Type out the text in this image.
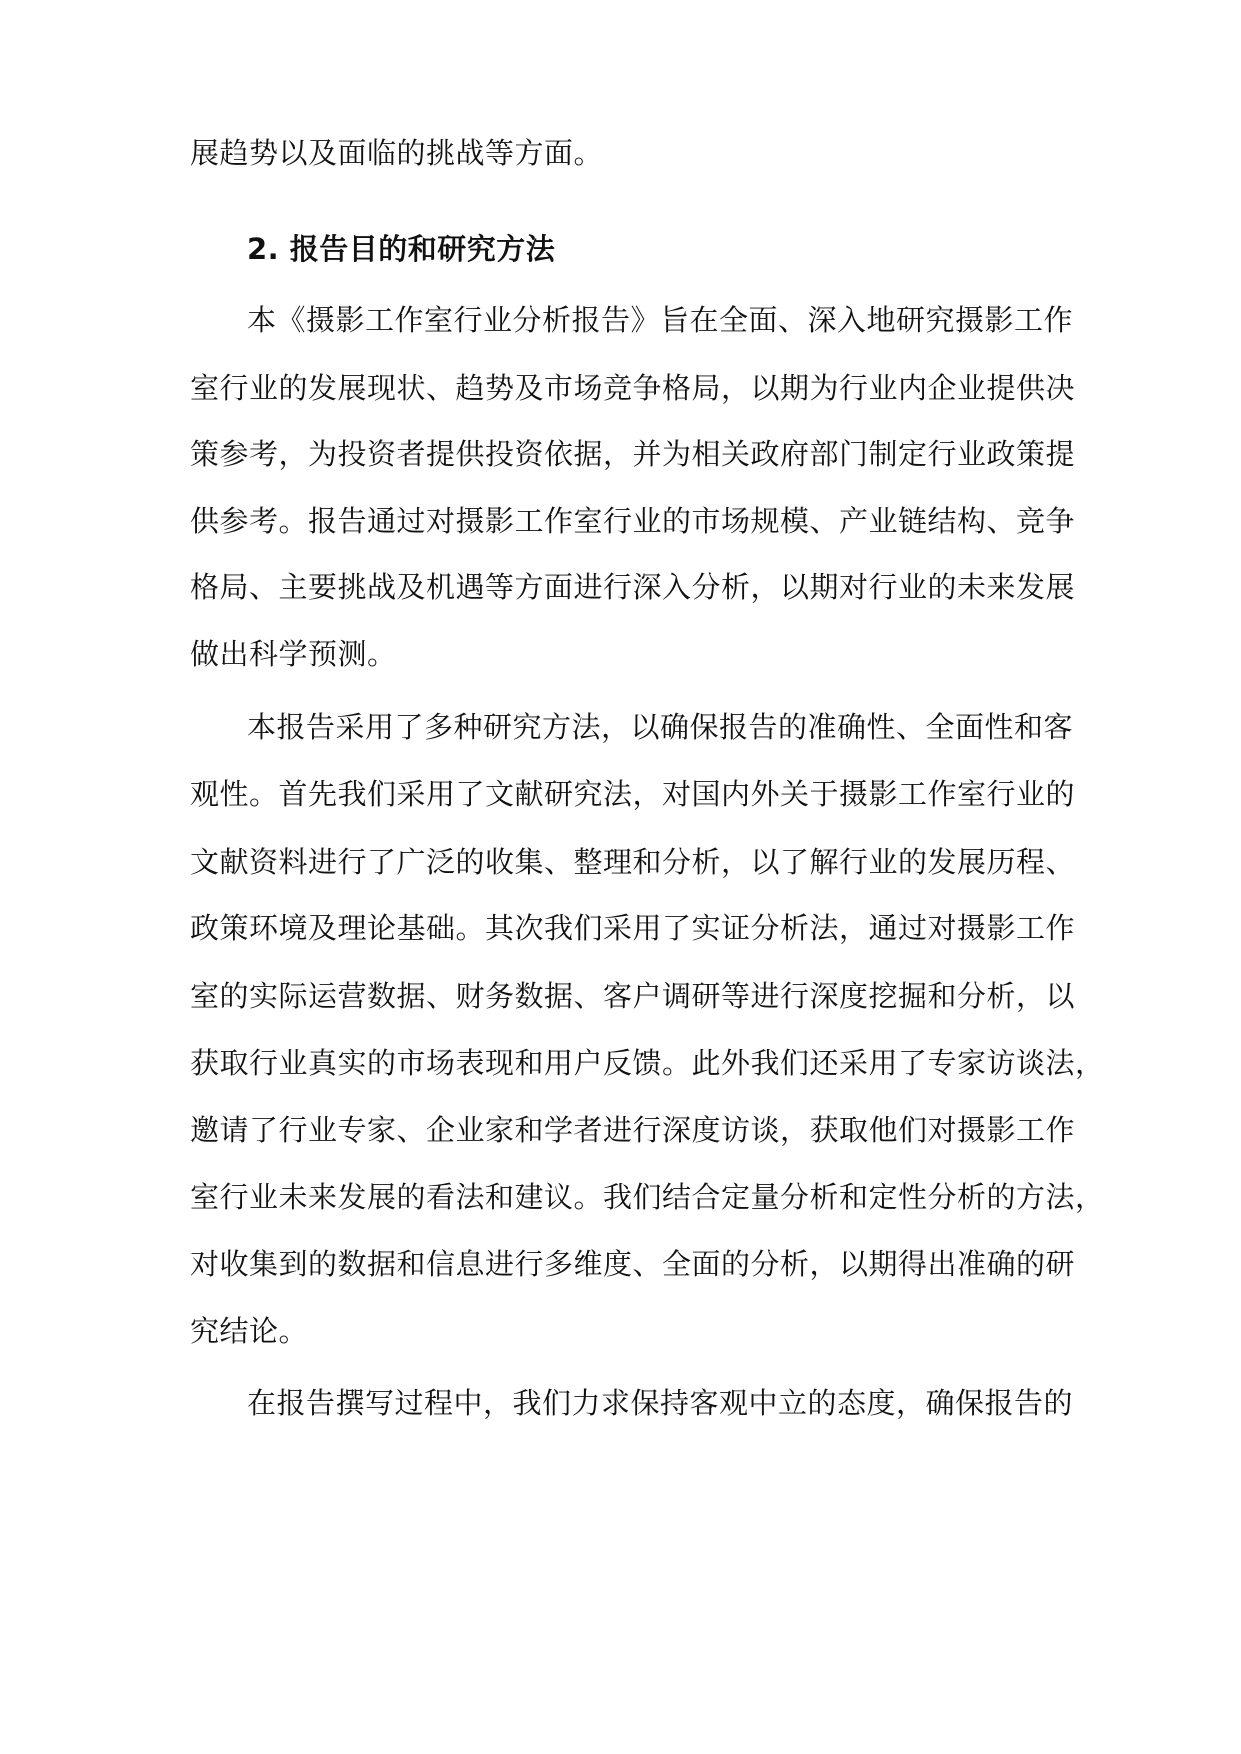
展趋势以及面临的挑战等方面。
2. 报告目的和研究方法
本《摄影工作室行业分析报告》旨在全面、深入地研究摄影工作
室行业的发展现状、趋势及市场竞争格局，以期为行业内企业提供决
策参考，为投资者提供投资依据，并为相关政府部门制定行业政策提
供参考。报告通过对摄影工作室行业的市场规模、产业链结构、竞争
格局、主要挑战及机遇等方面进行深入分析，以期对行业的未来发展
做出科学预测。
本报告采用了多种研究方法，以确保报告的准确性、全面性和客
观性。首先我们采用了文献研究法，对国内外关于摄影工作室行业的
文献资料进行了广泛的收集、整理和分析，以了解行业的发展历程、
政策环境及理论基础。其次我们采用了实证分析法，通过对摄影工作
室的实际运营数据、财务数据、客户调研等进行深度挖掘和分析，以
获取行业真实的市场表现和用户反馈。此外我们还采用了专家访谈法，
邀请了行业专家、企业家和学者进行深度访谈，获取他们对摄影工作
室行业未来发展的看法和建议。我们结合定量分析和定性分析的方法，
对收集到的数据和信息进行多维度、全面的分析，以期得出准确的研
究结论。
在报告撰写过程中，我们力求保持客观中立的态度，确保报告的
